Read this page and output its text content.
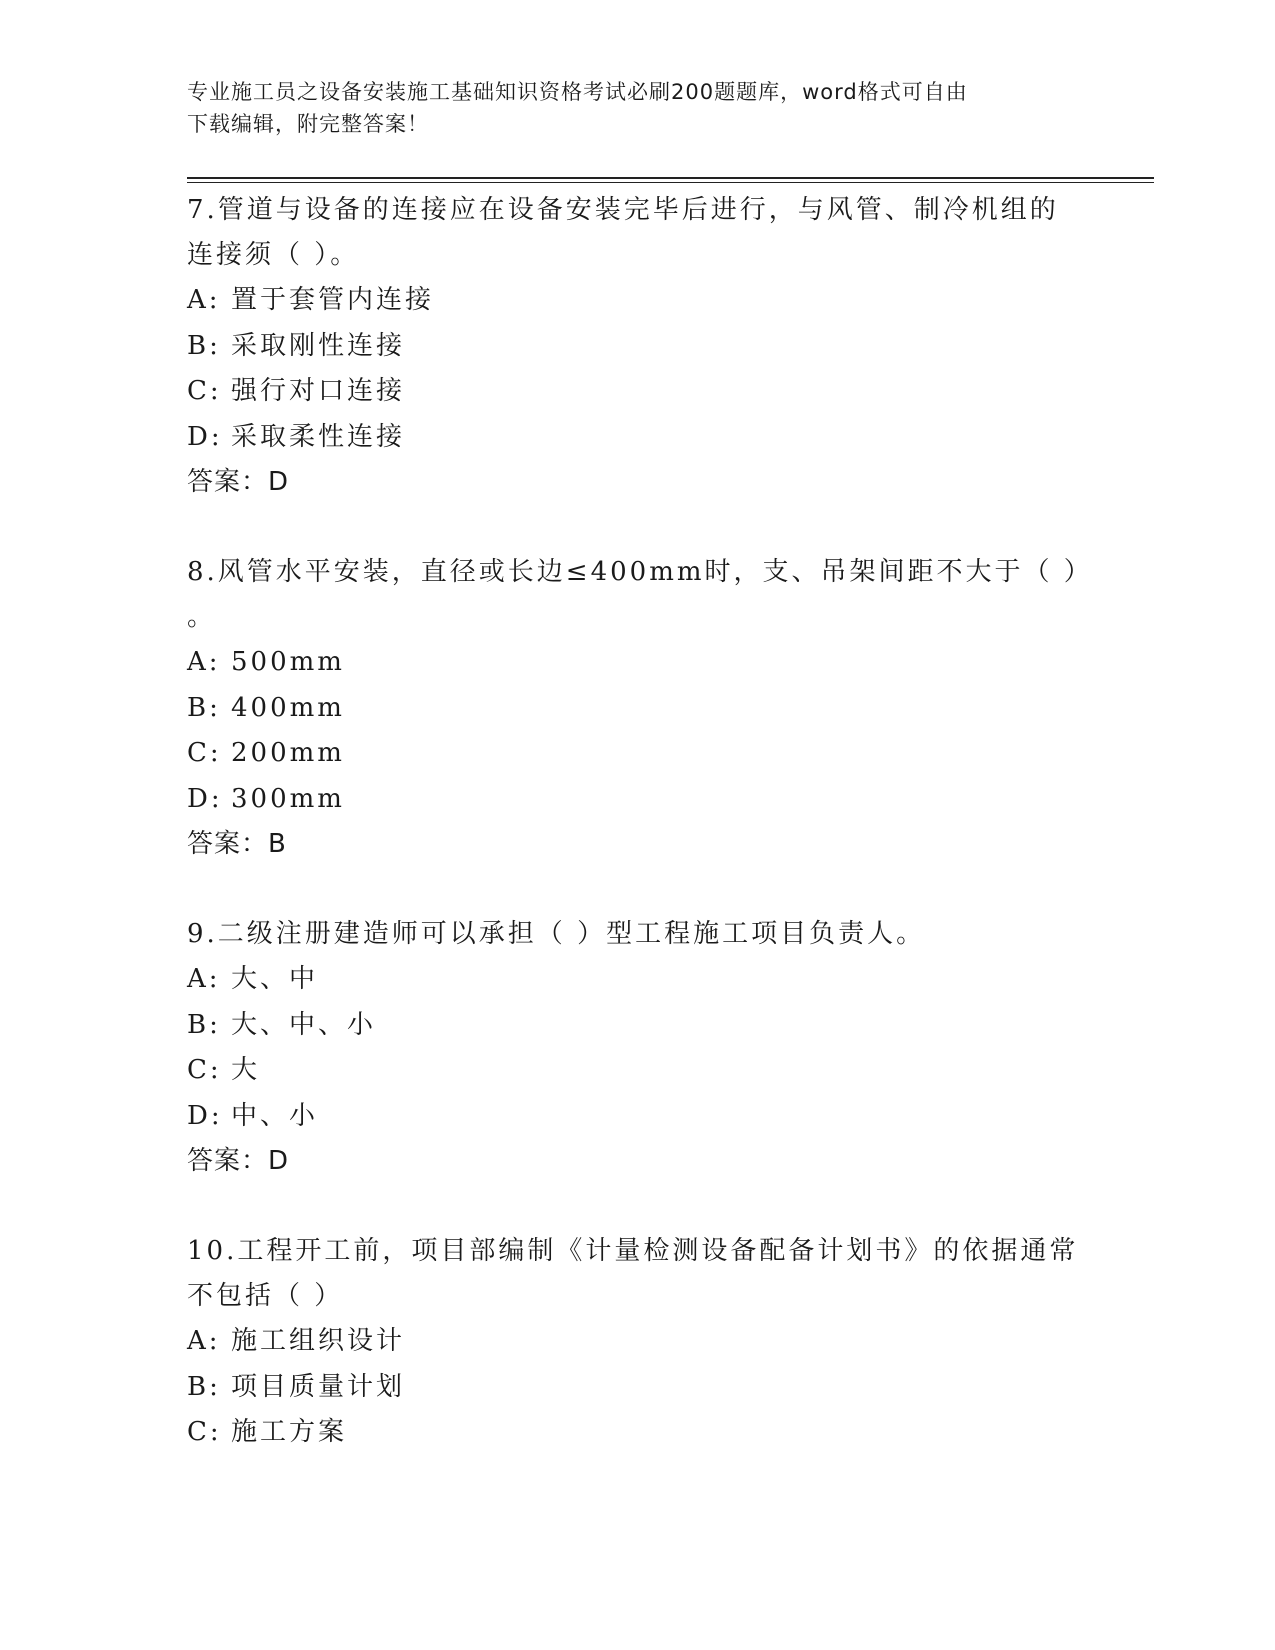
专业施工员之设备安装施工基础知识资格考试必刷200题题库，word格式可自由
下载编辑，附完整答案！

7.管道与设备的连接应在设备安装完毕后进行，与风管、制冷机组的

连接须（ ）。

A: 置于套管内连接

B: 采取刚性连接

C: 强行对口连接

D: 采取柔性连接

答案：D

8.风管水平安装，直径或长边≤400mm时，支、吊架间距不大于（ ）

。

A: 500mm

B: 400mm

C: 200mm

D: 300mm

答案：B

9.二级注册建造师可以承担（ ）型工程施工项目负责人。

A: 大、中

B: 大、中、小

C: 大

D: 中、小

答案：D

10.工程开工前，项目部编制《计量检测设备配备计划书》的依据通常

不包括（ ）

A: 施工组织设计

B: 项目质量计划

C: 施工方案
